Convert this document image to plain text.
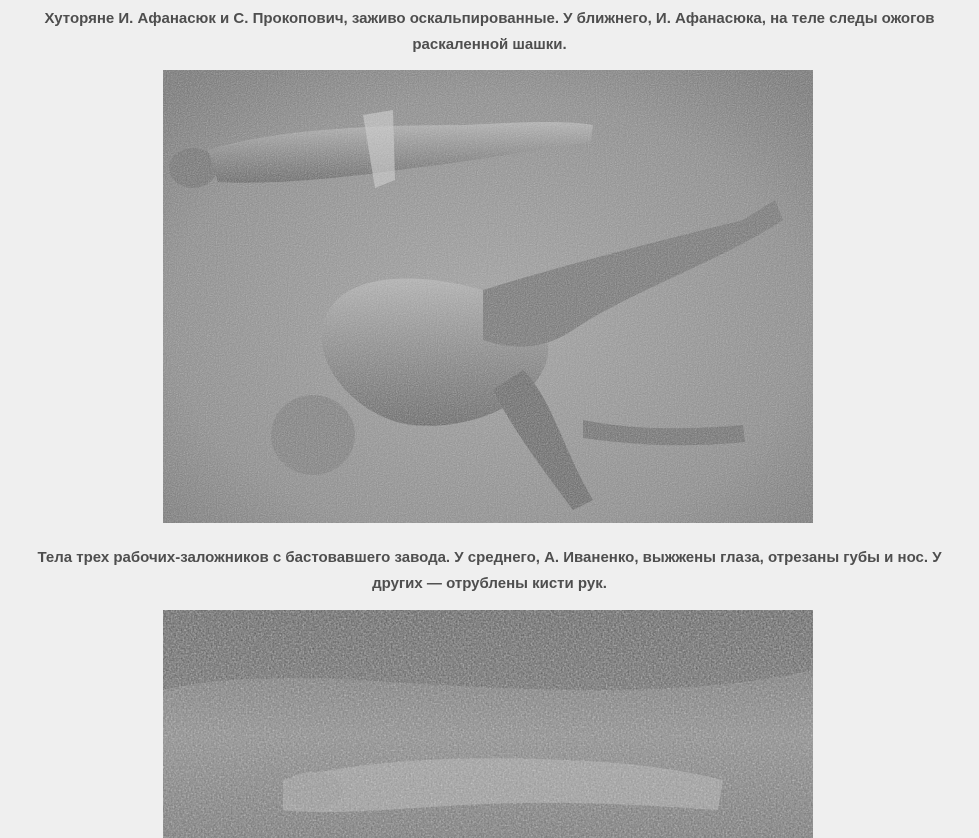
Хуторяне И. Афанасюк и С. Прокопович, заживо оскальпированные. У ближнего, И. Афанасюка, на теле следы ожогов раскаленной шашки.
Тела трех рабочих-заложников с бастовавшего завода. У среднего, А. Иваненко, выжжены глаза, отрезаны губы и нос. У других — отрублены кисти рук.
